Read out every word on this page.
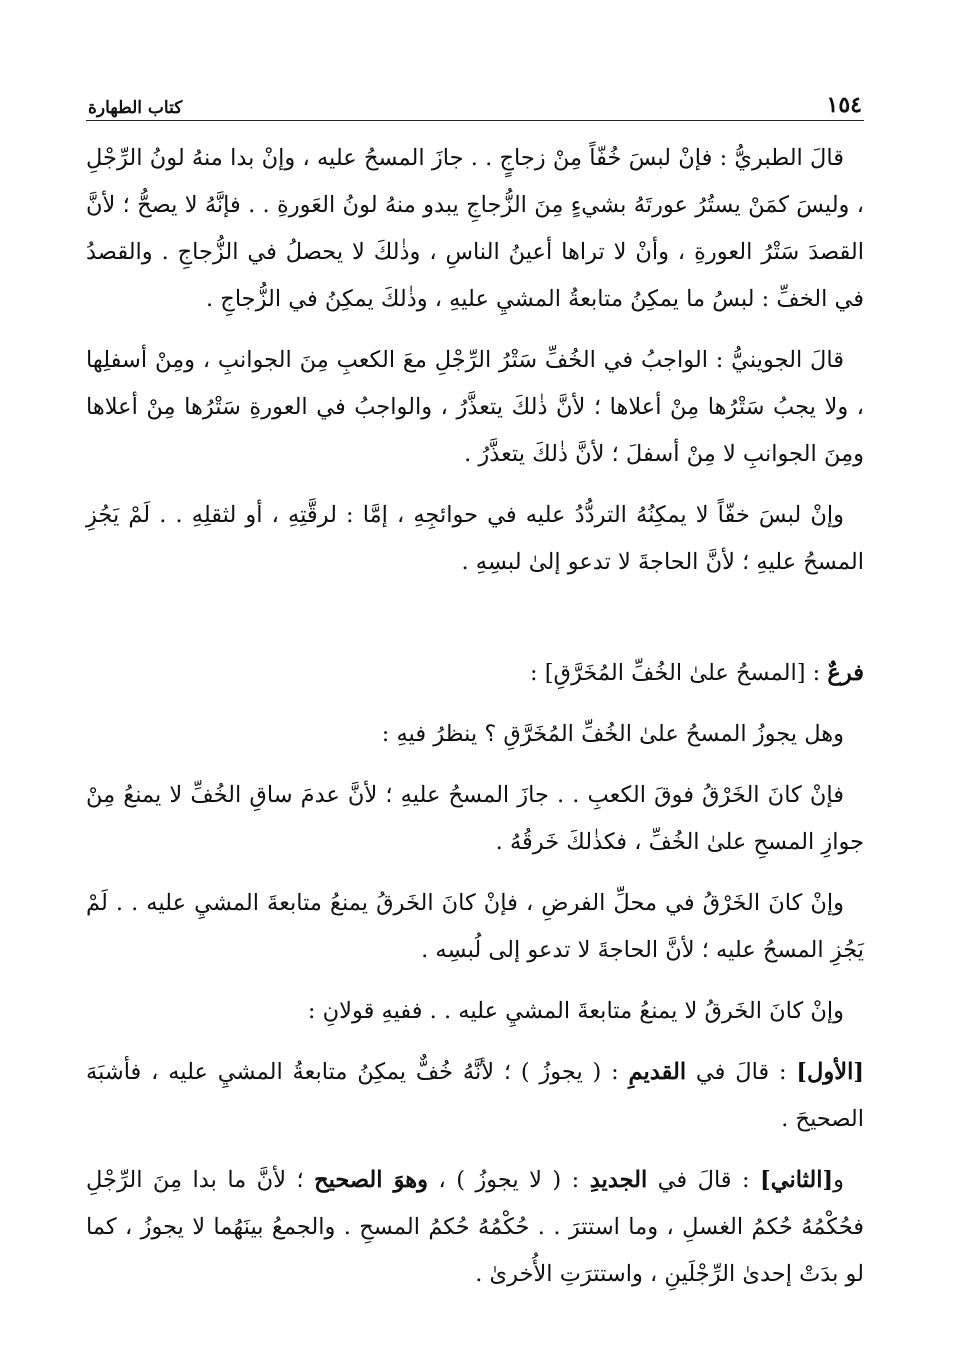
١٥٤
كتاب الطهارة

قالَ الطبريُّ : فإنْ لبسَ خُفّاً مِنْ زجاجٍ . . جازَ المسحُ عليه ، وإنْ بدا منهُ لونُ الرِّجْلِ ، وليسَ كمَنْ يستُرُ عورتَهُ بشيءٍ مِنَ الزُّجاجِ يبدو منهُ لونُ العَورةِ . . فإنَّهُ لا يصحُّ ؛ لأنَّ القصدَ سَتْرُ العورةِ ، وأنْ لا تراها أعينُ الناسِ ، وذٰلكَ لا يحصلُ في الزُّجاجِ . والقصدُ في الخفِّ : لبسُ ما يمكِنُ متابعةُ المشيِ عليهِ ، وذٰلكَ يمكِنُ في الزُّجاجِ .

قالَ الجوينيُّ : الواجبُ في الخُفِّ سَتْرُ الرِّجْلِ معَ الكعبِ مِنَ الجوانبِ ، ومِنْ أسفلِها ، ولا يجبُ سَتْرُها مِنْ أعلاها ؛ لأنَّ ذٰلكَ يتعذَّرُ ، والواجبُ في العورةِ سَتْرُها مِنْ أعلاها ومِنَ الجوانبِ لا مِنْ أسفلَ ؛ لأنَّ ذٰلكَ يتعذَّرُ .

وإنْ لبسَ خفّاً لا يمكِنُهُ التردُّدُ عليه في حوائجِهِ ، إمَّا : لرقَّتِهِ ، أو لثقلِهِ . . لَمْ يَجُزِ المسحُ عليهِ ؛ لأنَّ الحاجةَ لا تدعو إلىٰ لبسِهِ .

فرعٌ : [المسحُ علىٰ الخُفِّ المُخَرَّقِ] :

وهل يجوزُ المسحُ علىٰ الخُفِّ المُخَرَّقِ ؟ ينظرُ فيهِ :

فإنْ كانَ الخَرْقُ فوقَ الكعبِ . . جازَ المسحُ عليهِ ؛ لأنَّ عدمَ ساقِ الخُفِّ لا يمنعُ مِنْ جوازِ المسحِ علىٰ الخُفِّ ، فكذٰلكَ خَرقُهُ .

وإنْ كانَ الخَرْقُ في محلِّ الفرضِ ، فإنْ كانَ الخَرقُ يمنعُ متابعةَ المشيِ عليه . . لَمْ يَجُزِ المسحُ عليه ؛ لأنَّ الحاجةَ لا تدعو إلى لُبسِه .

وإنْ كانَ الخَرقُ لا يمنعُ متابعةَ المشيِ عليه . . ففيهِ قولانِ :

[الأول] : قالَ في القديمِ : ( يجوزُ ) ؛ لأنَّهُ خُفٌّ يمكِنُ متابعةُ المشيِ عليه ، فأشبَهَ الصحيحَ .

و[الثاني] : قالَ في الجديدِ : ( لا يجوزُ ) ، وهوَ الصحيح ؛ لأنَّ ما بدا مِنَ الرِّجْلِ فحُكْمُهُ حُكمُ الغسلِ ، وما استترَ . . حُكْمُهُ حُكمُ المسحِ . والجمعُ بينَهُما لا يجوزُ ، كما لو بدَتْ إحدىٰ الرِّجْلَينِ ، واستترَتِ الأُخرىٰ .
